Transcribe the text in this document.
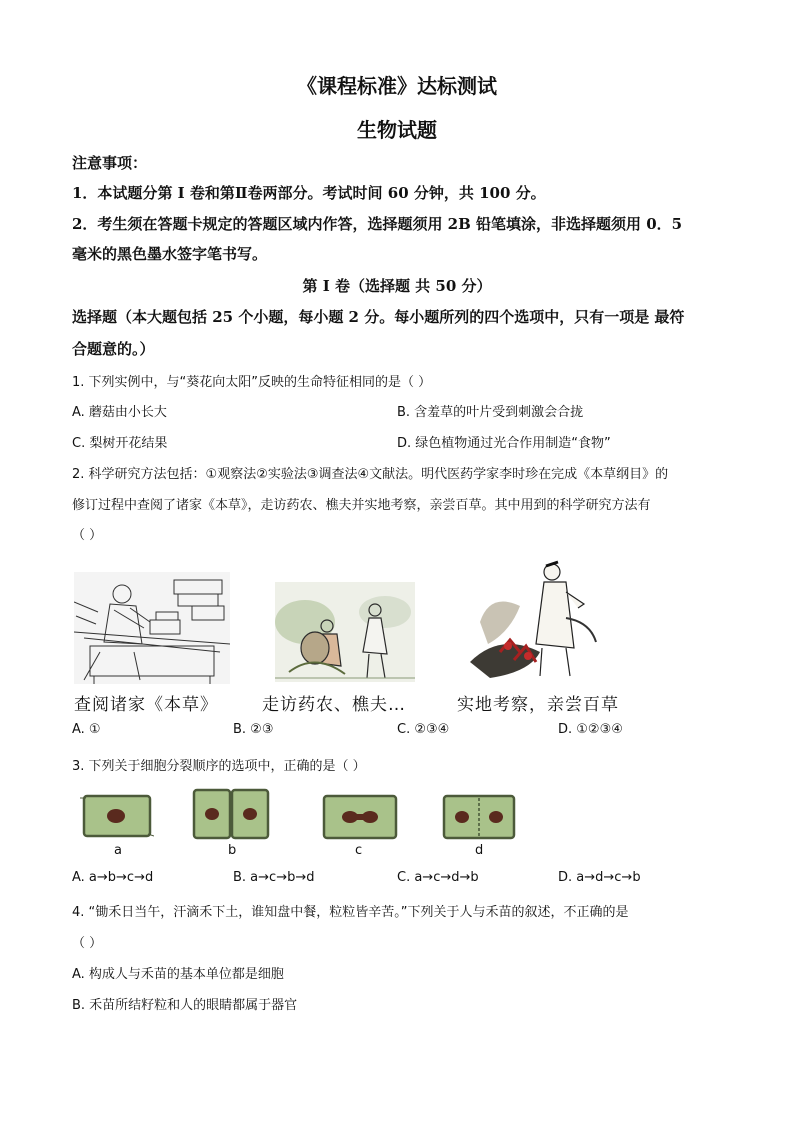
《课程标准》达标测试
生物试题
注意事项：
1．本试题分第 I 卷和第Ⅱ卷两部分。考试时间 60 分钟，共 100 分。
2．考生须在答题卡规定的答题区域内作答，选择题须用 2B 铅笔填涂，非选择题须用 0．5
毫米的黑色墨水签字笔书写。
第 I 卷（选择题 共 50 分）
选择题（本大题包括 25 个小题，每小题 2 分。每小题所列的四个选项中，只有一项是 最符
合题意的。）
1. 下列实例中，与“葵花向太阳”反映的生命特征相同的是（ ）
A. 蘑菇由小长大	B. 含羞草的叶片受到刺激会合拢
C. 梨树开花结果	D. 绿色植物通过光合作用制造“食物”
2. 科学研究方法包括：①观察法②实验法③调查法④文献法。明代医药学家李时珍在完成《本草纲目》的
修订过程中查阅了诸家《本草》，走访药农、樵夫并实地考察，亲尝百草。其中用到的科学研究方法有
（ ）
查阅诸家《本草》	走访药农、樵夫…	实地考察，亲尝百草
A. ①	B. ②③	C. ②③④	D. ①②③④
3. 下列关于细胞分裂顺序的选项中，正确的是（ ）
a	b	c	d
A. a→b→c→d	B. a→c→b→d	C. a→c→d→b	D. a→d→c→b
4. “锄禾日当午，汗滴禾下土，谁知盘中餐，粒粒皆辛苦。”下列关于人与禾苗的叙述，不正确的是
（ ）
A. 构成人与禾苗的基本单位都是细胞
B. 禾苗所结籽粒和人的眼睛都属于器官
